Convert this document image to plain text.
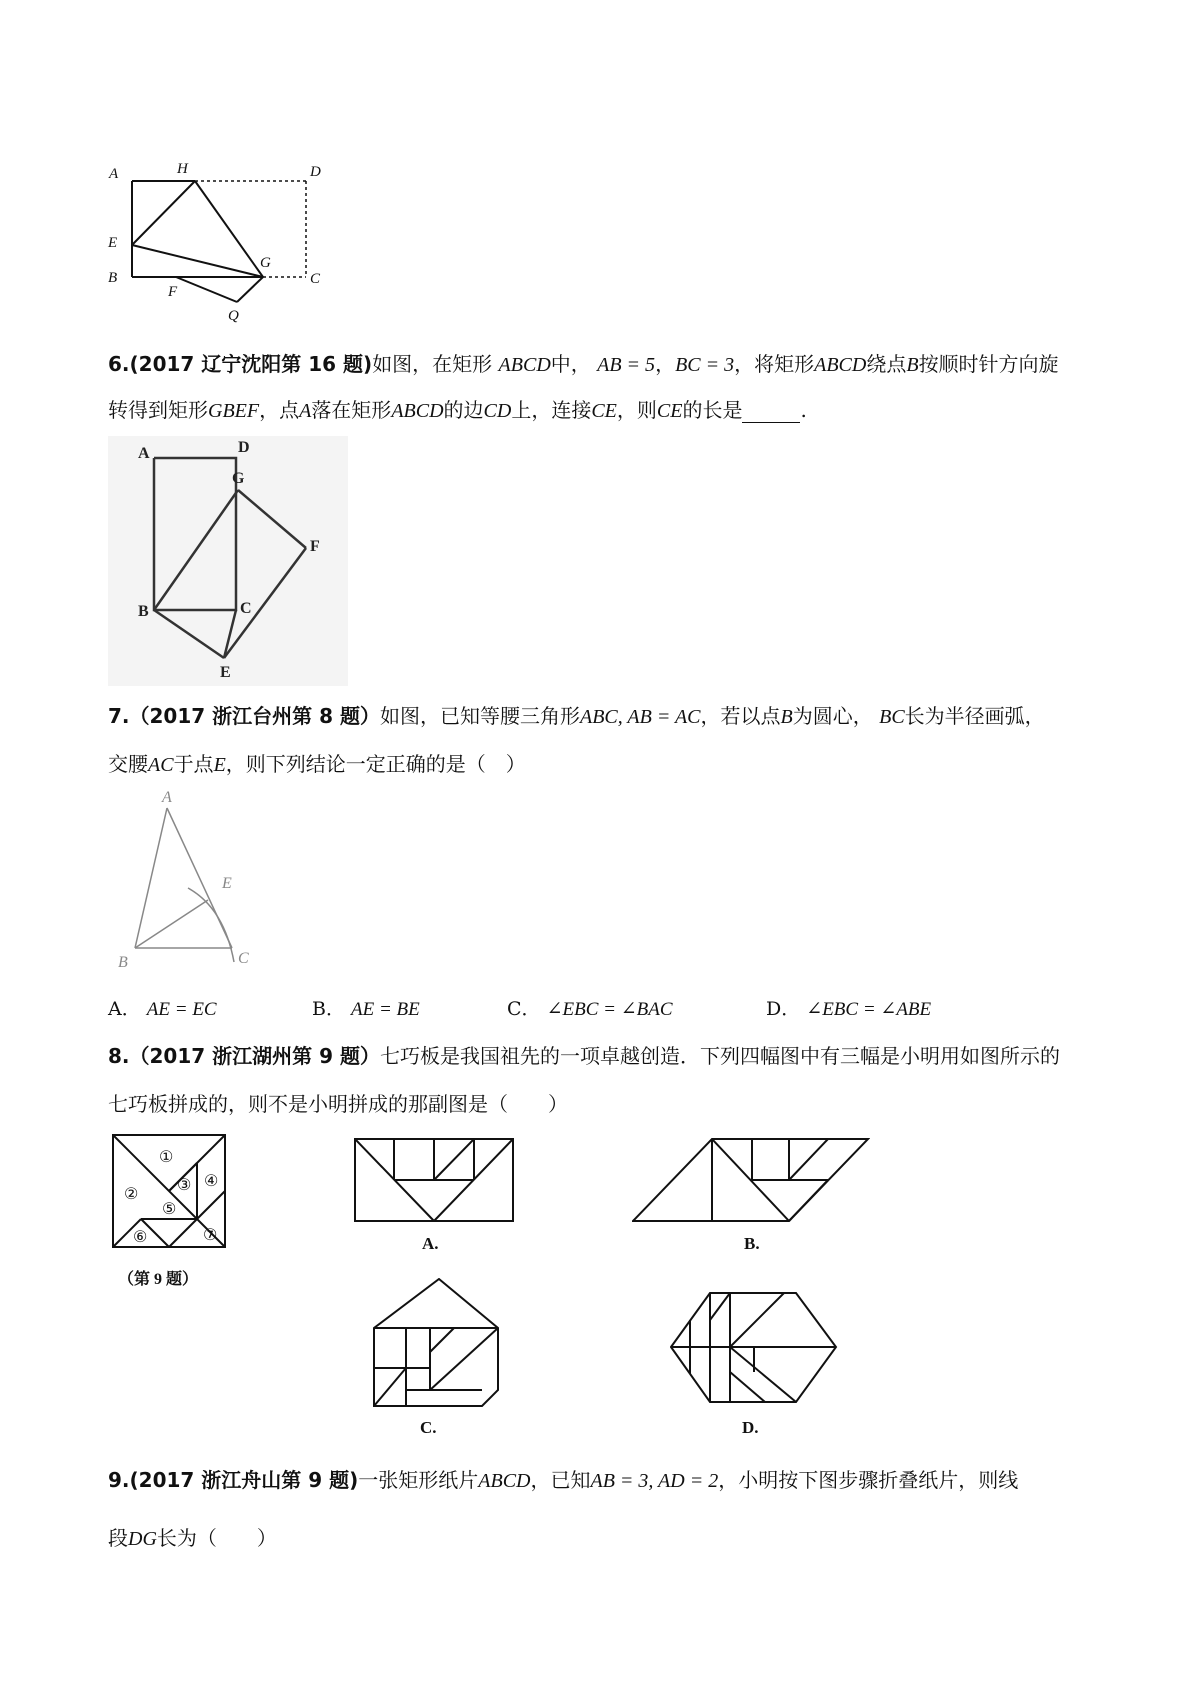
A	H	D
E
B
F
G
C
Q
6.(2017 辽宁沈阳第 16 题)如图，在矩形 ABCD中， AB = 5，BC = 3，将矩形ABCD绕点B按顺时针方向旋
转得到矩形GBEF，点A落在矩形ABCD的边CD上，连接CE，则CE的长是	.
A	D
G
F
B	C
E
7.（2017 浙江台州第 8 题）如图，已知等腰三角形ABC, AB = AC，若以点B为圆心， BC长为半径画弧，
交腰AC于点E，则下列结论一定正确的是（　）
A
E
B	C
A． AE = EC	B． AE = BE	C． ∠EBC = ∠BAC	D． ∠EBC = ∠ABE
8.（2017 浙江湖州第 9 题）七巧板是我国祖先的一项卓越创造．下列四幅图中有三幅是小明用如图所示的
七巧板拼成的，则不是小明拼成的那副图是（　　）
①
②
③ ④
⑤
⑥	⑦
（第 9 题）
A.	B.
C.	D.
9.(2017 浙江舟山第 9 题)一张矩形纸片ABCD，已知AB = 3, AD = 2，小明按下图步骤折叠纸片，则线
段DG长为（　　）
